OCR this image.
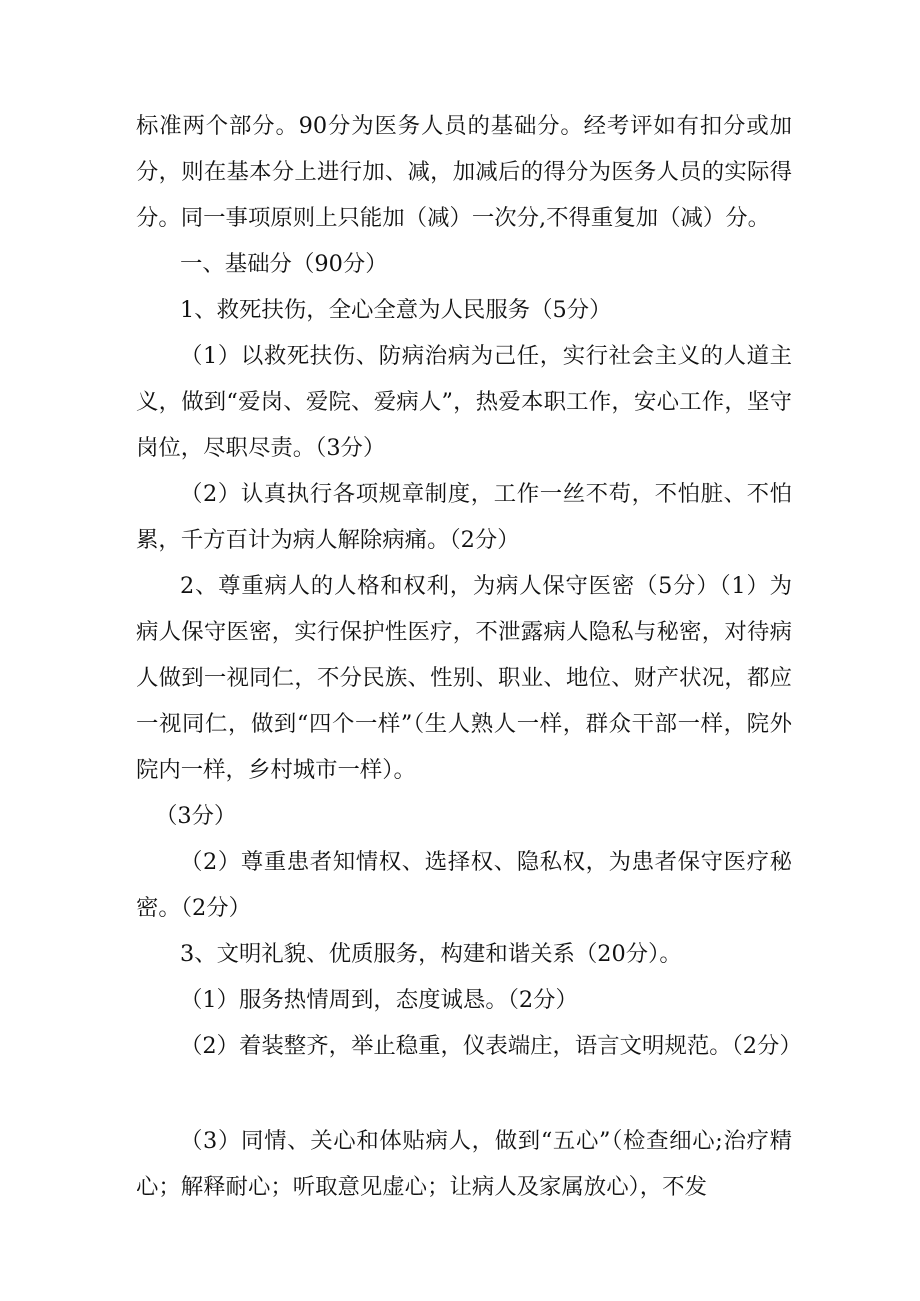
标准两个部分。90分为医务人员的基础分。经考评如有扣分或加分，则在基本分上进行加、减，加减后的得分为医务人员的实际得分。同一事项原则上只能加（减）一次分,不得重复加（减）分。

一、基础分（90分）

1、救死扶伤，全心全意为人民服务（5分）

（1）以救死扶伤、防病治病为己任，实行社会主义的人道主义，做到“爱岗、爱院、爱病人”，热爱本职工作，安心工作，坚守岗位，尽职尽责。（3分）

（2）认真执行各项规章制度，工作一丝不苟，不怕脏、不怕累，千方百计为病人解除病痛。（2分）

2、尊重病人的人格和权利，为病人保守医密（5分）（1）为病人保守医密，实行保护性医疗，不泄露病人隐私与秘密，对待病人做到一视同仁，不分民族、性别、职业、地位、财产状况，都应一视同仁，做到“四个一样”（生人熟人一样，群众干部一样，院外院内一样，乡村城市一样）。

（3分）

（2）尊重患者知情权、选择权、隐私权，为患者保守医疗秘密。（2分）

3、文明礼貌、优质服务，构建和谐关系（20分）。

（1）服务热情周到，态度诚恳。（2分）

（2）着装整齐，举止稳重，仪表端庄，语言文明规范。（2分）

（3）同情、关心和体贴病人，做到“五心”（检查细心;治疗精心；解释耐心；听取意见虚心；让病人及家属放心），不发
